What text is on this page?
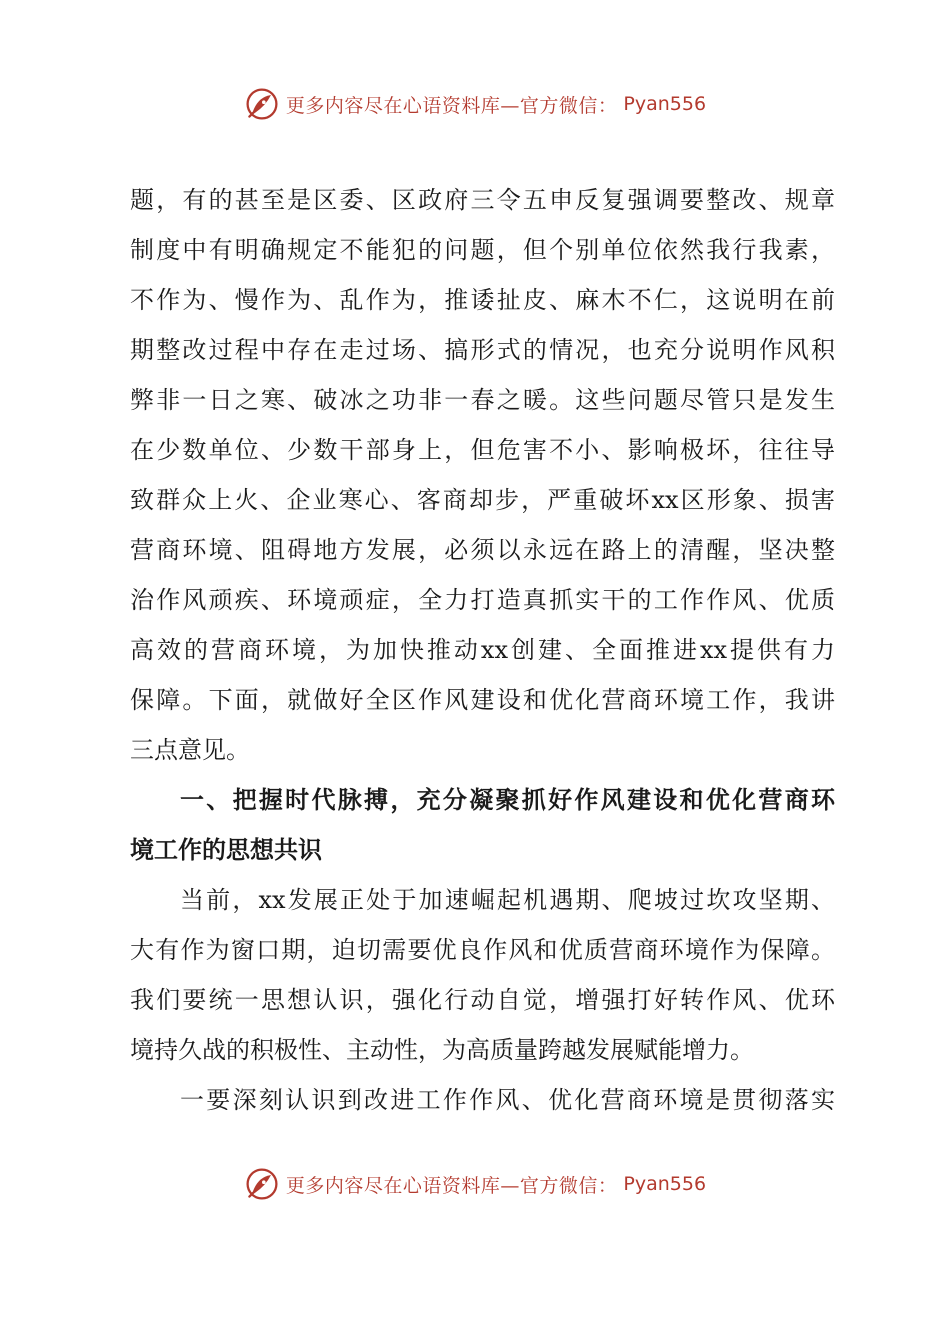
更多内容尽在心语资料库—官方微信： Pyan556
题，有的甚至是区委、区政府三令五申反复强调要整改、规章
制度中有明确规定不能犯的问题，但个别单位依然我行我素，
不作为、慢作为、乱作为，推诿扯皮、麻木不仁，这说明在前
期整改过程中存在走过场、搞形式的情况，也充分说明作风积
弊非一日之寒、破冰之功非一春之暖。这些问题尽管只是发生
在少数单位、少数干部身上，但危害不小、影响极坏，往往导
致群众上火、企业寒心、客商却步，严重破坏xx区形象、损害
营商环境、阻碍地方发展，必须以永远在路上的清醒，坚决整
治作风顽疾、环境顽症，全力打造真抓实干的工作作风、优质
高效的营商环境，为加快推动xx创建、全面推进xx提供有力
保障。下面，就做好全区作风建设和优化营商环境工作，我讲
三点意见。
一、把握时代脉搏，充分凝聚抓好作风建设和优化营商环
境工作的思想共识
当前，xx发展正处于加速崛起机遇期、爬坡过坎攻坚期、
大有作为窗口期，迫切需要优良作风和优质营商环境作为保障。
我们要统一思想认识，强化行动自觉，增强打好转作风、优环
境持久战的积极性、主动性，为高质量跨越发展赋能增力。
一要深刻认识到改进工作作风、优化营商环境是贯彻落实
更多内容尽在心语资料库—官方微信： Pyan556
